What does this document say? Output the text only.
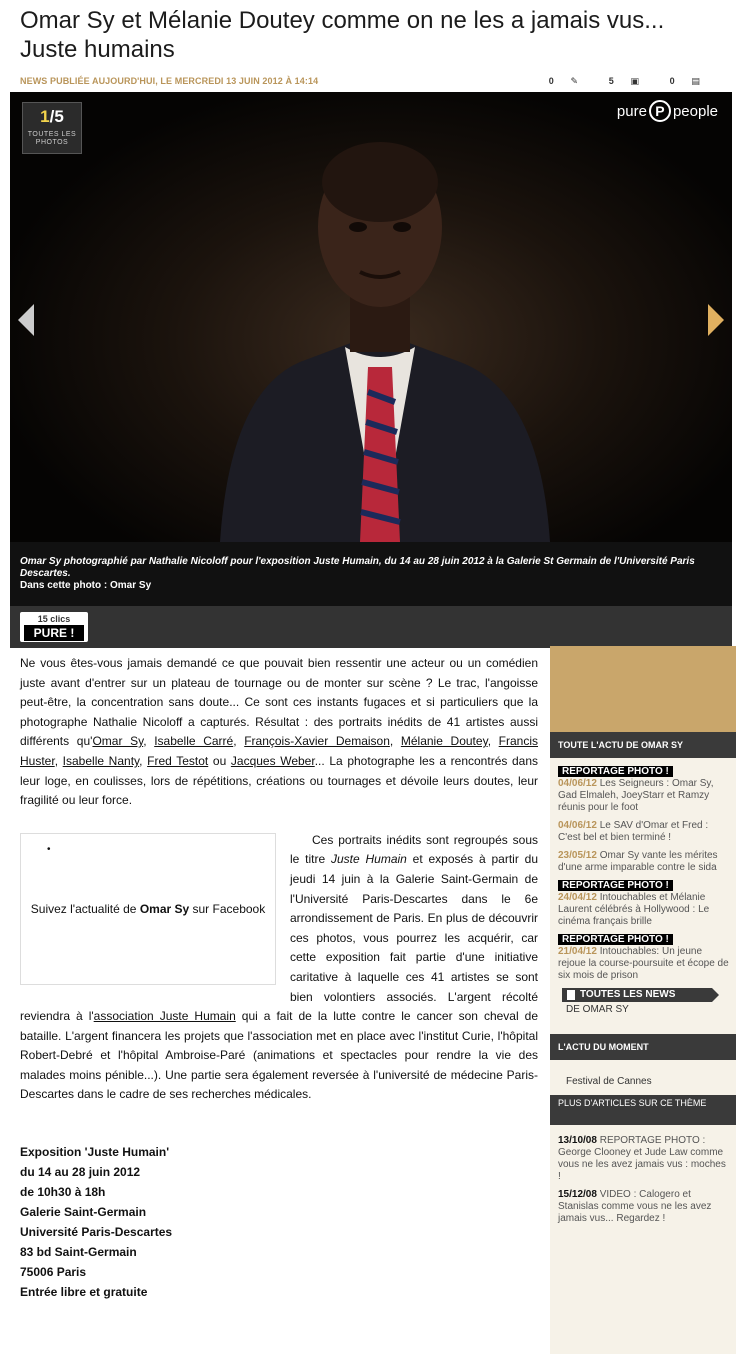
Omar Sy et Mélanie Doutey comme on ne les a jamais vus... Juste humains
NEWS PUBLIÉE AUJOURD'HUI, LE MERCREDI 13 JUIN 2012 À 14:14	0 ✎	5 ▣	0 ▤
1/5
TOUTES LES PHOTOS
pure P people
Omar Sy photographié par Nathalie Nicoloff pour l'exposition Juste Humain, du 14 au 28 juin 2012 à la Galerie St Germain de l'Université Paris Descartes.
Dans cette photo : Omar Sy
15 clics
PURE !

Ne vous êtes-vous jamais demandé ce que pouvait bien ressentir une acteur ou un comédien juste avant d'entrer sur un plateau de tournage ou de monter sur scène ? Le trac, l'angoisse peut-être, la concentration sans doute... Ce sont ces instants fugaces et si particuliers que la photographe Nathalie Nicoloff a capturés. Résultat : des portraits inédits de 41 artistes aussi différents qu'Omar Sy, Isabelle Carré, François-Xavier Demaison, Mélanie Doutey, Francis Huster, Isabelle Nanty, Fred Testot ou Jacques Weber... La photographe les a rencontrés dans leur loge, en coulisses, lors de répétitions, créations ou tournages et dévoile leurs doutes, leur fragilité ou leur force.

•
Suivez l'actualité de Omar Sy sur Facebook

Ces portraits inédits sont regroupés sous le titre Juste Humain et exposés à partir du jeudi 14 juin à la Galerie Saint-Germain de l'Université Paris-Descartes dans le 6e arrondissement de Paris. En plus de découvrir ces photos, vous pourrez les acquérir, car cette exposition fait partie d'une initiative caritative à laquelle ces 41 artistes se sont bien volontiers associés. L'argent récolté reviendra à l'association Juste Humain qui a fait de la lutte contre le cancer son cheval de bataille. L'argent financera les projets que l'association met en place avec l'institut Curie, l'hôpital Robert-Debré et l'hôpital Ambroise-Paré (animations et spectacles pour rendre la vie des malades moins pénible...). Une partie sera également reversée à l'université de médecine Paris-Descartes dans le cadre de ses recherches médicales.

Exposition 'Juste Humain'
du 14 au 28 juin 2012
de 10h30 à 18h
Galerie Saint-Germain
Université Paris-Descartes
83 bd Saint-Germain
75006 Paris
Entrée libre et gratuite
TOUTE L'ACTU DE OMAR SY
REPORTAGE PHOTO !
04/06/12 Les Seigneurs : Omar Sy, Gad Elmaleh, JoeyStarr et Ramzy réunis pour le foot
04/06/12 Le SAV d'Omar et Fred : C'est bel et bien terminé !
23/05/12 Omar Sy vante les mérites d'une arme imparable contre le sida
REPORTAGE PHOTO !
24/04/12 Intouchables et Mélanie Laurent célébrés à Hollywood : Le cinéma français brille
REPORTAGE PHOTO !
21/04/12 Intouchables: Un jeune rejoue la course-poursuite et écope de six mois de prison
TOUTES LES NEWS
DE OMAR SY
L'ACTU DU MOMENT
Festival de Cannes
PLUS D'ARTICLES SUR CE THÈME
13/10/08 REPORTAGE PHOTO : George Clooney et Jude Law comme vous ne les avez jamais vus : moches !
15/12/08 VIDEO : Calogero et Stanislas comme vous ne les avez jamais vus... Regardez !
